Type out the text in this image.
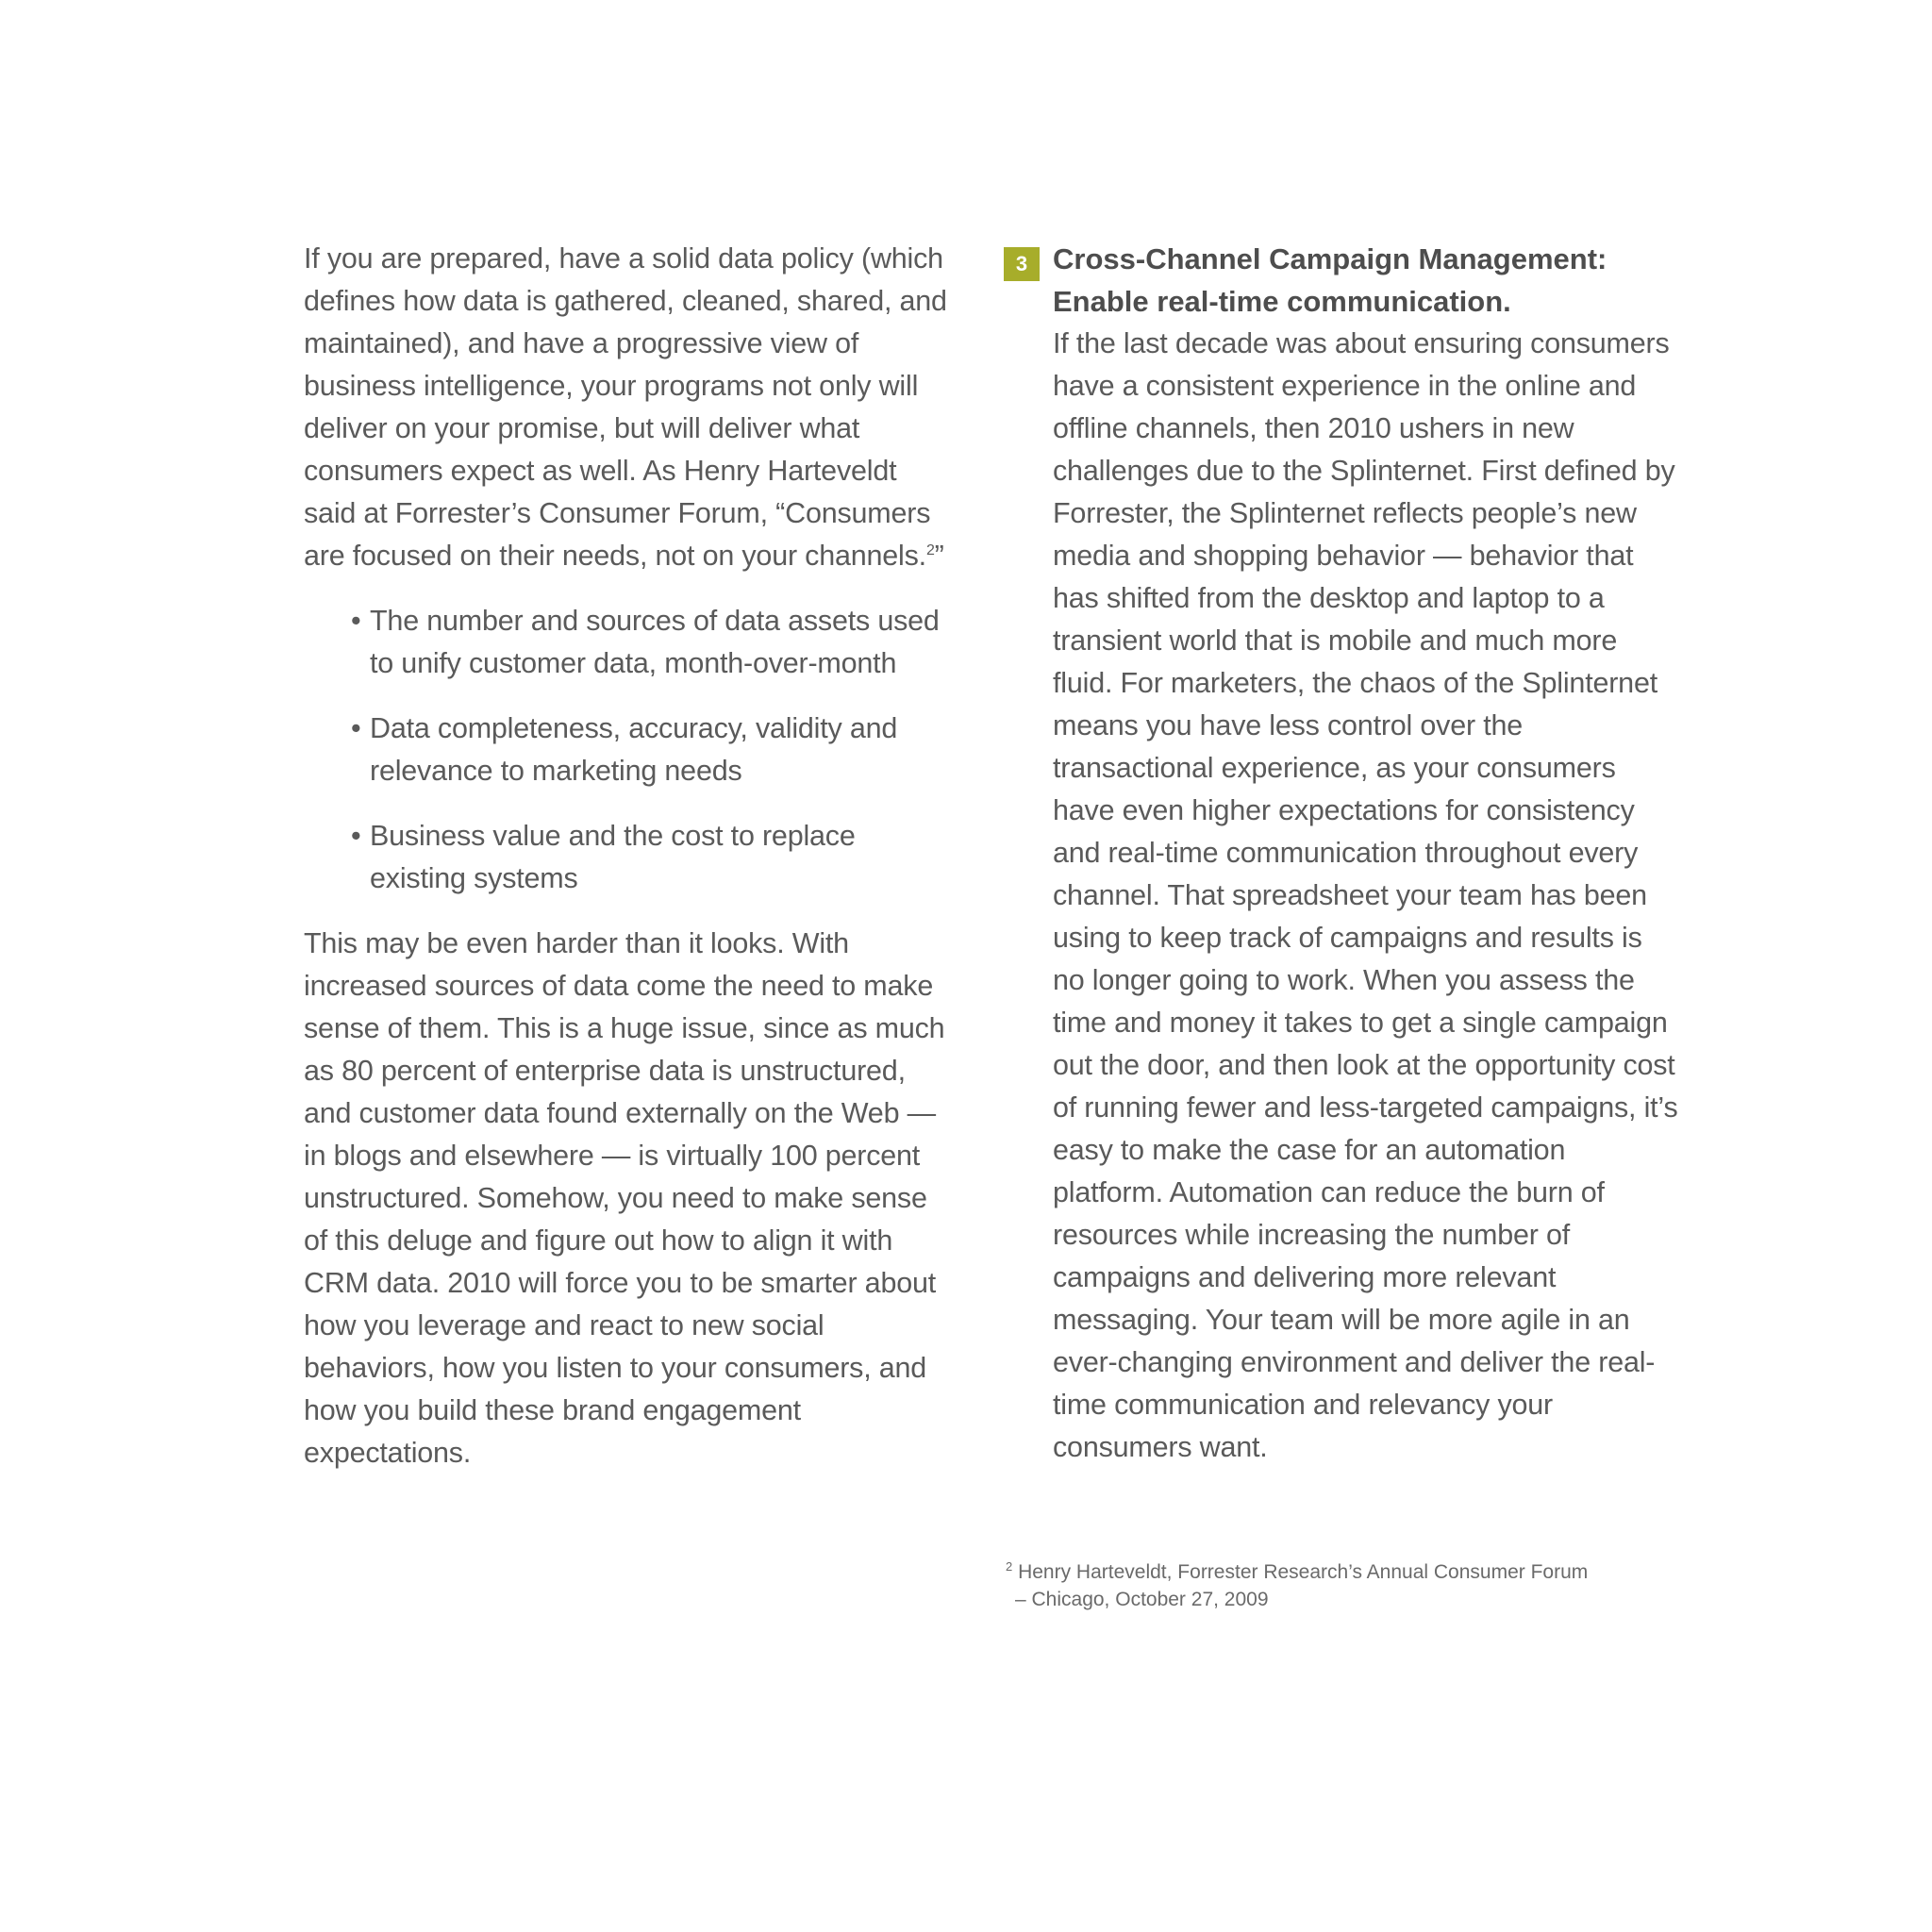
If you are prepared, have a solid data policy (which defines how data is gathered, cleaned, shared, and maintained), and have a progressive view of business intelligence, your programs not only will deliver on your promise, but will deliver what consumers expect as well. As Henry Harteveldt said at Forrester’s Consumer Forum, “Consumers are focused on their needs, not on your channels.$^2$”

• The number and sources of data assets used to unify customer data, month-over-month
• Data completeness, accuracy, validity and relevance to marketing needs
• Business value and the cost to replace existing systems

This may be even harder than it looks. With increased sources of data come the need to make sense of them. This is a huge issue, since as much as 80 percent of enterprise data is unstructured, and customer data found externally on the Web — in blogs and elsewhere — is virtually 100 percent unstructured. Somehow, you need to make sense of this deluge and figure out how to align it with CRM data. 2010 will force you to be smarter about how you leverage and react to new social behaviors, how you listen to your consumers, and how you build these brand engagement expectations.

3 Cross-Channel Campaign Management:
Enable real-time communication.

If the last decade was about ensuring consumers have a consistent experience in the online and offline channels, then 2010 ushers in new challenges due to the Splinternet. First defined by Forrester, the Splinternet reflects people’s new media and shopping behavior — behavior that has shifted from the desktop and laptop to a transient world that is mobile and much more fluid. For marketers, the chaos of the Splinternet means you have less control over the transactional experience, as your consumers have even higher expectations for consistency and real-time communication throughout every channel. That spreadsheet your team has been using to keep track of campaigns and results is no longer going to work. When you assess the time and money it takes to get a single campaign out the door, and then look at the opportunity cost of running fewer and less-targeted campaigns, it’s easy to make the case for an automation platform. Automation can reduce the burn of resources while increasing the number of campaigns and delivering more relevant messaging. Your team will be more agile in an ever-changing environment and deliver the real-time communication and relevancy your consumers want.

$^2$ Henry Harteveldt, Forrester Research’s Annual Consumer Forum
– Chicago, October 27, 2009
